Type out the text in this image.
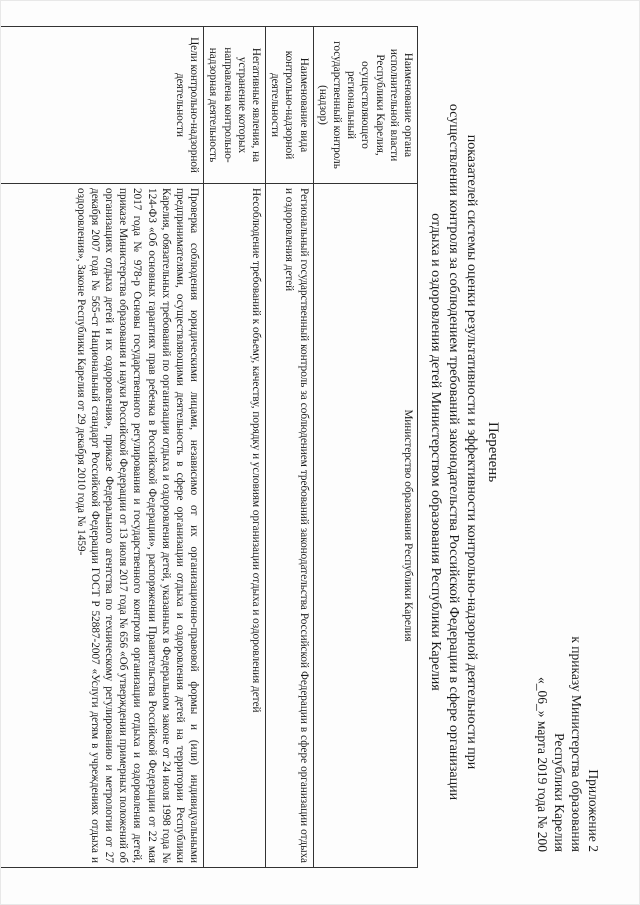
Приложение 2
к приказу Министерства образования
Республики Карелия
«_06_» марта 2019 года № 200
Перечень
показателей системы оценки результативности и эффективности контрольно-надзорной деятельности при
осуществлении контроля за соблюдением требований законодательства Российской Федерации в сфере организации
отдыха и оздоровления детей Министерством образования Республики Карелия
Наименование органа исполнительной власти Республики Карелия, осуществляющего региональный государственный контроль (надзор)	Министерство образования Республики Карелия
Наименование вида контрольно-надзорной деятельности	Региональный государственный контроль за соблюдением требований законодательства Российской Федерации в сфере организации отдыха и оздоровления детей
Негативные явления, на устранение которых направлена контрольно-надзорная деятельность	Несоблюдение требований к объему, качеству, порядку и условиям организации отдыха и оздоровления детей
Цели контрольно-надзорной деятельности	Проверка соблюдения юридическими лицами, независимо от их организационно-правовой формы и (или) индивидуальными предпринимателями, осуществляющими деятельность в сфере организации отдыха и оздоровления детей на территории Республики Карелия, обязательных требований по организации отдыха и оздоровления детей, указанных в Федеральном законе от 24 июля 1998 года № 124-ФЗ «Об основных гарантиях прав ребенка в Российской Федерации», распоряжении Правительства Российской Федерации от 22 мая 2017 года № 978-р Основы государственного регулирования и государственного контроля организации отдыха и оздоровления детей, приказе Министерства образования и науки Российской Федерации от 13 июля 2017 года № 656 «Об утверждении примерных положений об организациях отдыха детей и их оздоровления», приказе Федерального агентства по техническому регулированию и метрологии от 27 декабря 2007 года № 565-ст Национальный стандарт Российской Федерации ГОСТ Р 52887-2007 «Услуги детям в учреждениях отдыха и оздоровления», Законе Республики Карелия от 29 декабря 2010 года № 1459-
